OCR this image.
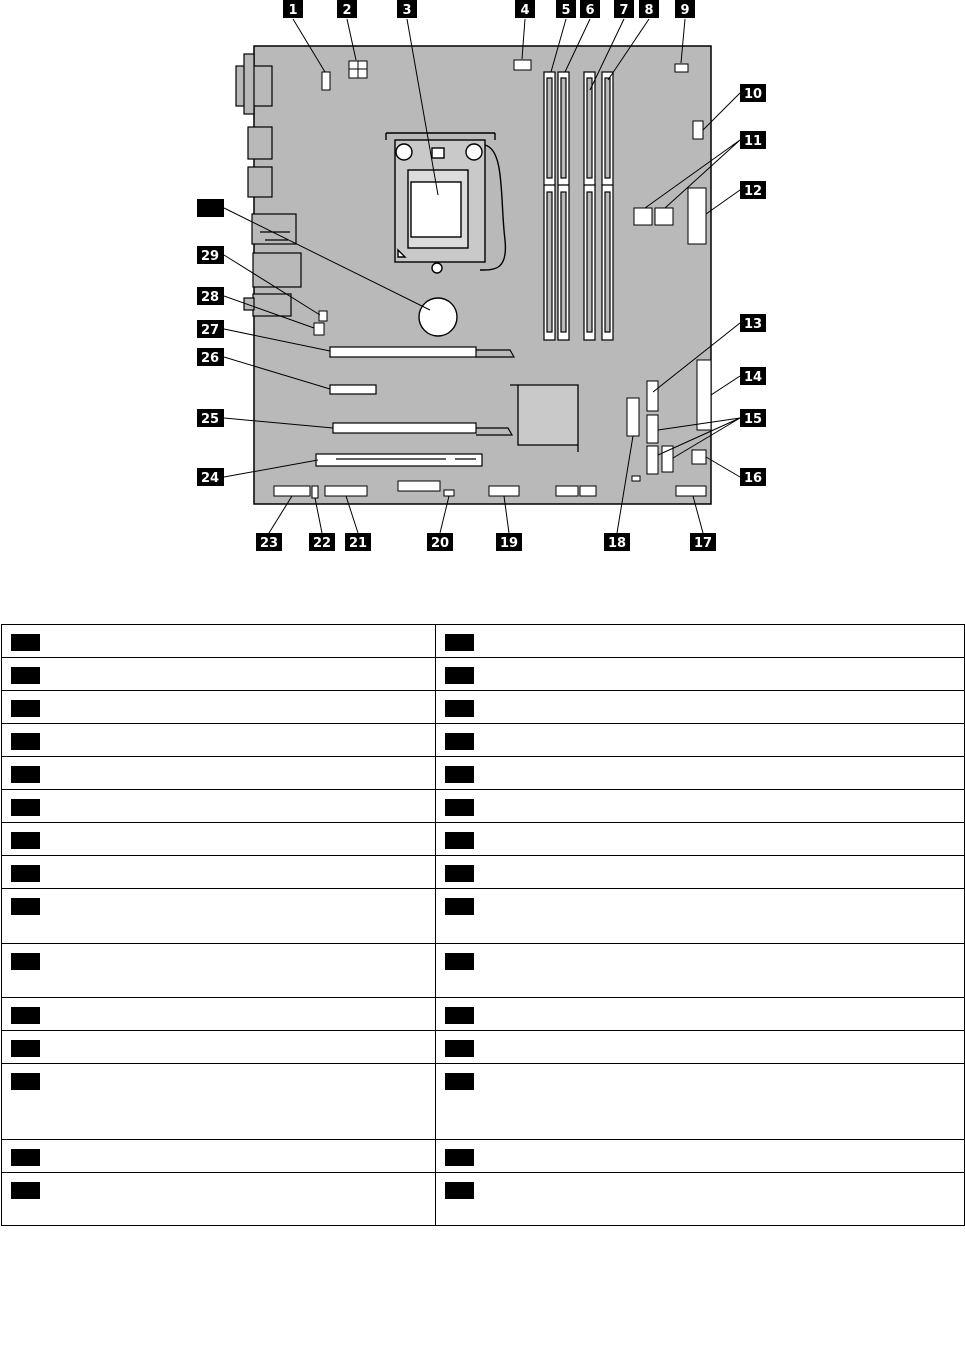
1	2	3	4 5 6 7 8 9
10
11
12
13
14
15
16
17
18
19
20
21
22
23
24
25
26
27
28
29
